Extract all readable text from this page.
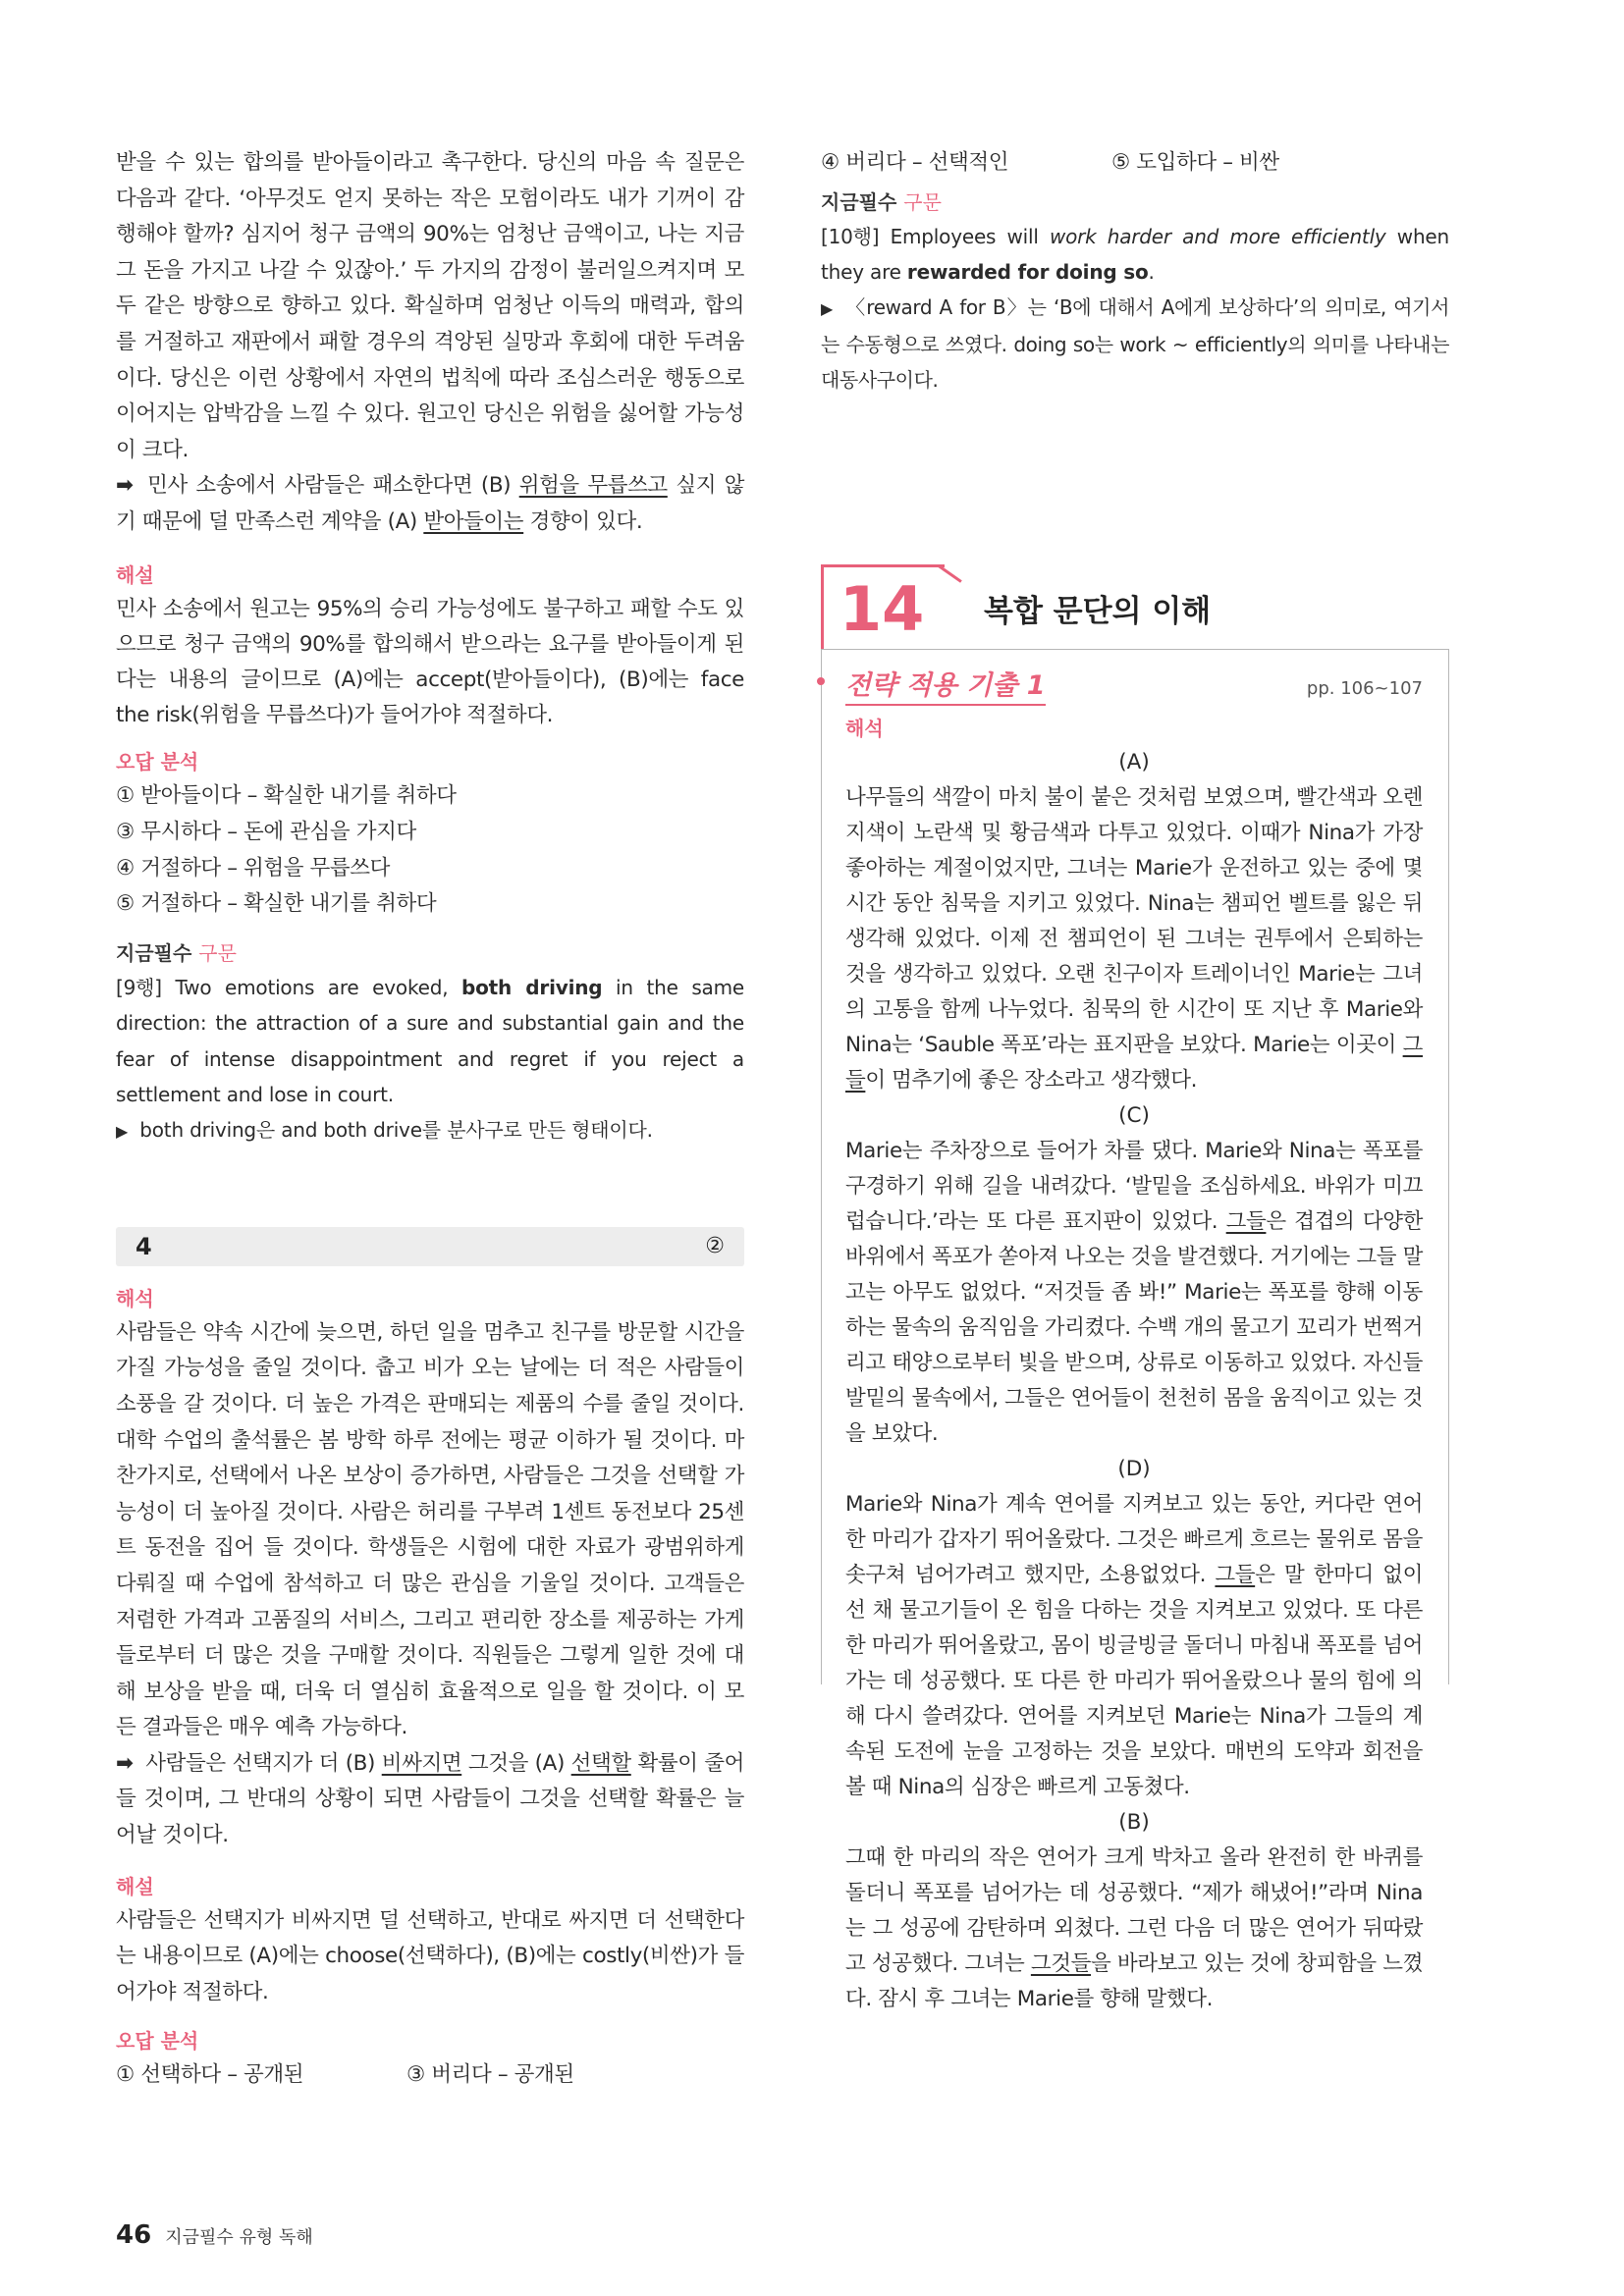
받을 수 있는 합의를 받아들이라고 촉구한다. 당신의 마음 속 질문은 다음과 같다. ‘아무것도 얻지 못하는 작은 모험이라도 내가 기꺼이 감행해야 할까? 심지어 청구 금액의 90%는 엄청난 금액이고, 나는 지금 그 돈을 가지고 나갈 수 있잖아.’ 두 가지의 감정이 불러일으켜지며 모두 같은 방향으로 향하고 있다. 확실하며 엄청난 이득의 매력과, 합의를 거절하고 재판에서 패할 경우의 격앙된 실망과 후회에 대한 두려움이다. 당신은 이런 상황에서 자연의 법칙에 따라 조심스러운 행동으로 이어지는 압박감을 느낄 수 있다. 원고인 당신은 위험을 싫어할 가능성이 크다.

➡ 민사 소송에서 사람들은 패소한다면 (B) 위험을 무릅쓰고 싶지 않기 때문에 덜 만족스런 계약을 (A) 받아들이는 경향이 있다.

해설

민사 소송에서 원고는 95%의 승리 가능성에도 불구하고 패할 수도 있으므로 청구 금액의 90%를 합의해서 받으라는 요구를 받아들이게 된다는 내용의 글이므로 (A)에는 accept(받아들이다), (B)에는 face the risk(위험을 무릅쓰다)가 들어가야 적절하다.

오답 분석

① 받아들이다 – 확실한 내기를 취하다

③ 무시하다 – 돈에 관심을 가지다

④ 거절하다 – 위험을 무릅쓰다

⑤ 거절하다 – 확실한 내기를 취하다

지금필수 구문

[9행] Two emotions are evoked, both driving in the same direction: the attraction of a sure and substantial gain and the fear of intense disappointment and regret if you reject a settlement and lose in court.

▶ both driving은 and both drive를 분사구로 만든 형태이다.

4	②
해석

사람들은 약속 시간에 늦으면, 하던 일을 멈추고 친구를 방문할 시간을 가질 가능성을 줄일 것이다. 춥고 비가 오는 날에는 더 적은 사람들이 소풍을 갈 것이다. 더 높은 가격은 판매되는 제품의 수를 줄일 것이다. 대학 수업의 출석률은 봄 방학 하루 전에는 평균 이하가 될 것이다. 마찬가지로, 선택에서 나온 보상이 증가하면, 사람들은 그것을 선택할 가능성이 더 높아질 것이다. 사람은 허리를 구부려 1센트 동전보다 25센트 동전을 집어 들 것이다. 학생들은 시험에 대한 자료가 광범위하게 다뤄질 때 수업에 참석하고 더 많은 관심을 기울일 것이다. 고객들은 저렴한 가격과 고품질의 서비스, 그리고 편리한 장소를 제공하는 가게들로부터 더 많은 것을 구매할 것이다. 직원들은 그렇게 일한 것에 대해 보상을 받을 때, 더욱 더 열심히 효율적으로 일을 할 것이다. 이 모든 결과들은 매우 예측 가능하다.

➡ 사람들은 선택지가 더 (B) 비싸지면 그것을 (A) 선택할 확률이 줄어들 것이며, 그 반대의 상황이 되면 사람들이 그것을 선택할 확률은 늘어날 것이다.

해설

사람들은 선택지가 비싸지면 덜 선택하고, 반대로 싸지면 더 선택한다는 내용이므로 (A)에는 choose(선택하다), (B)에는 costly(비싼)가 들어가야 적절하다.

오답 분석
① 선택하다 – 공개된	③ 버리다 – 공개된
④ 버리다 – 선택적인	⑤ 도입하다 – 비싼
지금필수 구문

[10행] Employees will work harder and more efficiently when they are rewarded for doing so.

▶ 〈reward A for B〉는 ‘B에 대해서 A에게 보상하다’의 의미로, 여기서는 수동형으로 쓰였다. doing so는 work ~ efficiently의 의미를 나타내는 대동사구이다.

14	복합 문단의 이해
전략 적용 기출 1	pp. 106~107
해석
(A)

나무들의 색깔이 마치 불이 붙은 것처럼 보였으며, 빨간색과 오렌지색이 노란색 및 황금색과 다투고 있었다. 이때가 Nina가 가장 좋아하는 계절이었지만, 그녀는 Marie가 운전하고 있는 중에 몇 시간 동안 침묵을 지키고 있었다. Nina는 챔피언 벨트를 잃은 뒤 생각해 있었다. 이제 전 챔피언이 된 그녀는 권투에서 은퇴하는 것을 생각하고 있었다. 오랜 친구이자 트레이너인 Marie는 그녀의 고통을 함께 나누었다. 침묵의 한 시간이 또 지난 후 Marie와 Nina는 ‘Sauble 폭포’라는 표지판을 보았다. Marie는 이곳이 그들이 멈추기에 좋은 장소라고 생각했다.

(C)

Marie는 주차장으로 들어가 차를 댔다. Marie와 Nina는 폭포를 구경하기 위해 길을 내려갔다. ‘발밑을 조심하세요. 바위가 미끄럽습니다.’라는 또 다른 표지판이 있었다. 그들은 겹겹의 다양한 바위에서 폭포가 쏟아져 나오는 것을 발견했다. 거기에는 그들 말고는 아무도 없었다. “저것들 좀 봐!” Marie는 폭포를 향해 이동하는 물속의 움직임을 가리켰다. 수백 개의 물고기 꼬리가 번쩍거리고 태양으로부터 빛을 받으며, 상류로 이동하고 있었다. 자신들 발밑의 물속에서, 그들은 연어들이 천천히 몸을 움직이고 있는 것을 보았다.

(D)

Marie와 Nina가 계속 연어를 지켜보고 있는 동안, 커다란 연어 한 마리가 갑자기 뛰어올랐다. 그것은 빠르게 흐르는 물위로 몸을 솟구쳐 넘어가려고 했지만, 소용없었다. 그들은 말 한마디 없이 선 채 물고기들이 온 힘을 다하는 것을 지켜보고 있었다. 또 다른 한 마리가 뛰어올랐고, 몸이 빙글빙글 돌더니 마침내 폭포를 넘어가는 데 성공했다. 또 다른 한 마리가 뛰어올랐으나 물의 힘에 의해 다시 쓸려갔다. 연어를 지켜보던 Marie는 Nina가 그들의 계속된 도전에 눈을 고정하는 것을 보았다. 매번의 도약과 회전을 볼 때 Nina의 심장은 빠르게 고동쳤다.

(B)

그때 한 마리의 작은 연어가 크게 박차고 올라 완전히 한 바퀴를 돌더니 폭포를 넘어가는 데 성공했다. “제가 해냈어!”라며 Nina는 그 성공에 감탄하며 외쳤다. 그런 다음 더 많은 연어가 뒤따랐고 성공했다. 그녀는 그것들을 바라보고 있는 것에 창피함을 느꼈다. 잠시 후 그녀는 Marie를 향해 말했다.

46 지금필수 유형 독해
